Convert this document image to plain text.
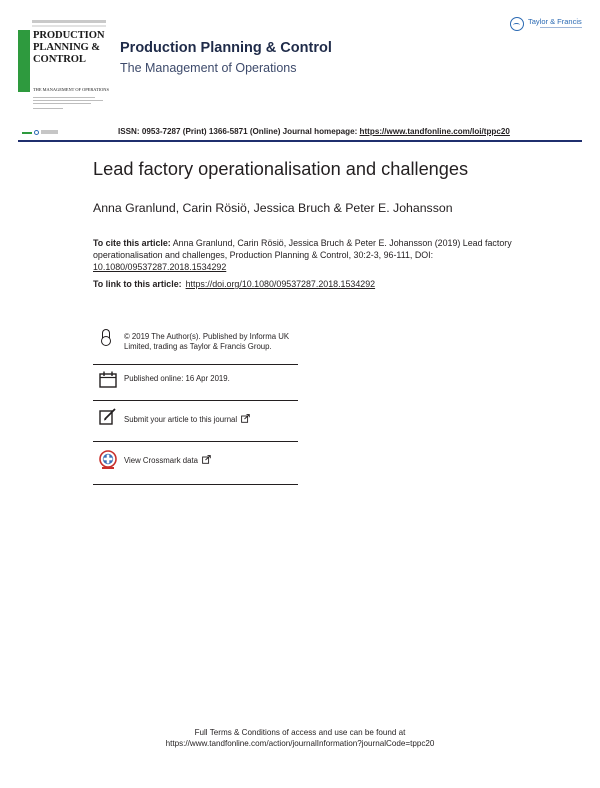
PRODUCTION
PLANNING &
CONTROL
THE MANAGEMENT OF OPERATIONS
Production Planning & Control
The Management of Operations
Taylor & Francis
ISSN: 0953-7287 (Print) 1366-5871 (Online) Journal homepage: https://www.tandfonline.com/loi/tppc20
Lead factory operationalisation and challenges
Anna Granlund, Carin Rösiö, Jessica Bruch & Peter E. Johansson
To cite this article: Anna Granlund, Carin Rösiö, Jessica Bruch & Peter E. Johansson (2019) Lead factory operationalisation and challenges, Production Planning & Control, 30:2-3, 96-111, DOI: 10.1080/09537287.2018.1534292
To link to this article: https://doi.org/10.1080/09537287.2018.1534292
© 2019 The Author(s). Published by Informa UK Limited, trading as Taylor & Francis Group.
Published online: 16 Apr 2019.
Submit your article to this journal
View Crossmark data
Full Terms & Conditions of access and use can be found at
https://www.tandfonline.com/action/journalInformation?journalCode=tppc20
